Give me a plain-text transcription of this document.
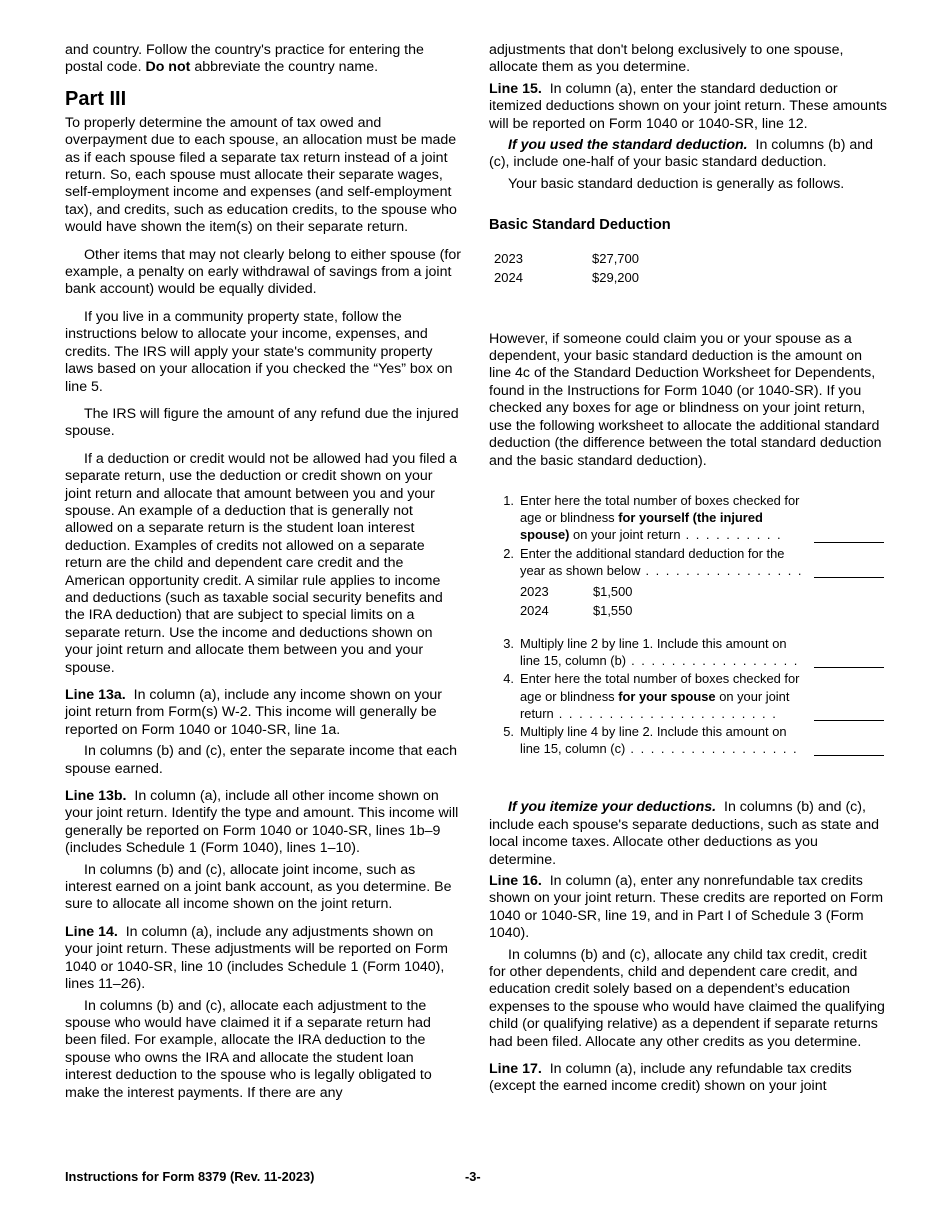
and country. Follow the country's practice for entering the postal code. Do not abbreviate the country name.

Part III

To properly determine the amount of tax owed and overpayment due to each spouse, an allocation must be made as if each spouse filed a separate tax return instead of a joint return. So, each spouse must allocate their separate wages, self-employment income and expenses (and self-employment tax), and credits, such as education credits, to the spouse who would have shown the item(s) on their separate return.

Other items that may not clearly belong to either spouse (for example, a penalty on early withdrawal of savings from a joint bank account) would be equally divided.

If you live in a community property state, follow the instructions below to allocate your income, expenses, and credits. The IRS will apply your state's community property laws based on your allocation if you checked the “Yes” box on line 5.

The IRS will figure the amount of any refund due the injured spouse.

If a deduction or credit would not be allowed had you filed a separate return, use the deduction or credit shown on your joint return and allocate that amount between you and your spouse. An example of a deduction that is generally not allowed on a separate return is the student loan interest deduction. Examples of credits not allowed on a separate return are the child and dependent care credit and the American opportunity credit. A similar rule applies to income and deductions (such as taxable social security benefits and the IRA deduction) that are subject to special limits on a separate return. Use the income and deductions shown on your joint return and allocate them between you and your spouse.

Line 13a. In column (a), include any income shown on your joint return from Form(s) W-2. This income will generally be reported on Form 1040 or 1040-SR, line 1a.

In columns (b) and (c), enter the separate income that each spouse earned.

Line 13b. In column (a), include all other income shown on your joint return. Identify the type and amount. This income will generally be reported on Form 1040 or 1040-SR, lines 1b–9 (includes Schedule 1 (Form 1040), lines 1–10).

In columns (b) and (c), allocate joint income, such as interest earned on a joint bank account, as you determine. Be sure to allocate all income shown on the joint return.

Line 14. In column (a), include any adjustments shown on your joint return. These adjustments will be reported on Form 1040 or 1040-SR, line 10 (includes Schedule 1 (Form 1040), lines 11–26).

In columns (b) and (c), allocate each adjustment to the spouse who would have claimed it if a separate return had been filed. For example, allocate the IRA deduction to the spouse who owns the IRA and allocate the student loan interest deduction to the spouse who is legally obligated to make the interest payments. If there are any

adjustments that don't belong exclusively to one spouse, allocate them as you determine.

Line 15. In column (a), enter the standard deduction or itemized deductions shown on your joint return. These amounts will be reported on Form 1040 or 1040-SR, line 12.

If you used the standard deduction. In columns (b) and (c), include one-half of your basic standard deduction.

Your basic standard deduction is generally as follows.

Basic Standard Deduction
2023	$27,700
2024	$29,200

However, if someone could claim you or your spouse as a dependent, your basic standard deduction is the amount on line 4c of the Standard Deduction Worksheet for Dependents, found in the Instructions for Form 1040 (or 1040-SR). If you checked any boxes for age or blindness on your joint return, use the following worksheet to allocate the additional standard deduction (the difference between the total standard deduction and the basic standard deduction).

1. Enter here the total number of boxes checked for age or blindness for yourself (the injured spouse) on your joint return . . . . . . . . . .
2. Enter the additional standard deduction for the year as shown below . . . . . . . . . . . . . . . .
2023	$1,500
2024	$1,550
3. Multiply line 2 by line 1. Include this amount on line 15, column (b) . . . . . . . . . . . . . . . . .
4. Enter here the total number of boxes checked for age or blindness for your spouse on your joint return . . . . . . . . . . . . . . . . . . . . . .
5. Multiply line 4 by line 2. Include this amount on line 15, column (c) . . . . . . . . . . . . . . . . .

If you itemize your deductions. In columns (b) and (c), include each spouse's separate deductions, such as state and local income taxes. Allocate other deductions as you determine.

Line 16. In column (a), enter any nonrefundable tax credits shown on your joint return. These credits are reported on Form 1040 or 1040-SR, line 19, and in Part I of Schedule 3 (Form 1040).

In columns (b) and (c), allocate any child tax credit, credit for other dependents, child and dependent care credit, and education credit solely based on a dependent’s education expenses to the spouse who would have claimed the qualifying child (or qualifying relative) as a dependent if separate returns had been filed. Allocate any other credits as you determine.

Line 17. In column (a), include any refundable tax credits (except the earned income credit) shown on your joint

Instructions for Form 8379 (Rev. 11-2023)	-3-
